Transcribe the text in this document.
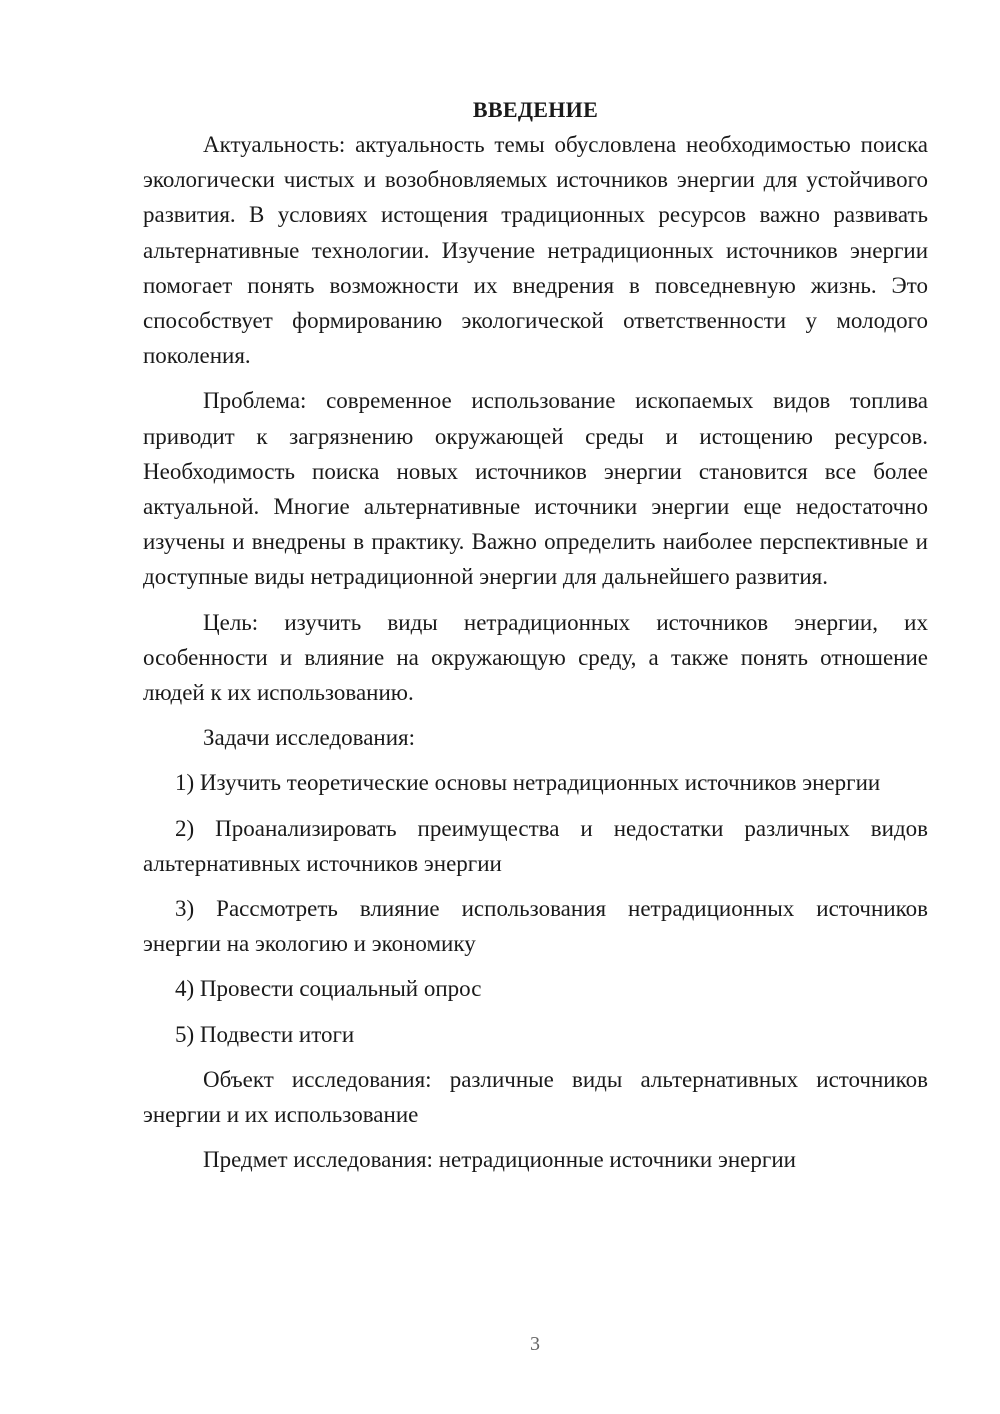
ВВЕДЕНИЕ

Актуальность: актуальность темы обусловлена необходимостью поиска экологически чистых и возобновляемых источников энергии для устойчивого развития. В условиях истощения традиционных ресурсов важно развивать альтернативные технологии. Изучение нетрадиционных источников энергии помогает понять возможности их внедрения в повседневную жизнь. Это способствует формированию экологической ответственности у молодого поколения.

Проблема: современное использование ископаемых видов топлива приводит к загрязнению окружающей среды и истощению ресурсов. Необходимость поиска новых источников энергии становится все более актуальной. Многие альтернативные источники энергии еще недостаточно изучены и внедрены в практику. Важно определить наиболее перспективные и доступные виды нетрадиционной энергии для дальнейшего развития.

Цель: изучить виды нетрадиционных источников энергии, их особенности и влияние на окружающую среду, а также понять отношение людей к их использованию.

Задачи исследования:

1) Изучить теоретические основы нетрадиционных источников энергии

2) Проанализировать преимущества и недостатки различных видов альтернативных источников энергии

3) Рассмотреть влияние использования нетрадиционных источников энергии на экологию и экономику

4) Провести социальный опрос

5) Подвести итоги

Объект исследования: различные виды альтернативных источников энергии и их использование

Предмет исследования: нетрадиционные источники энергии

3
